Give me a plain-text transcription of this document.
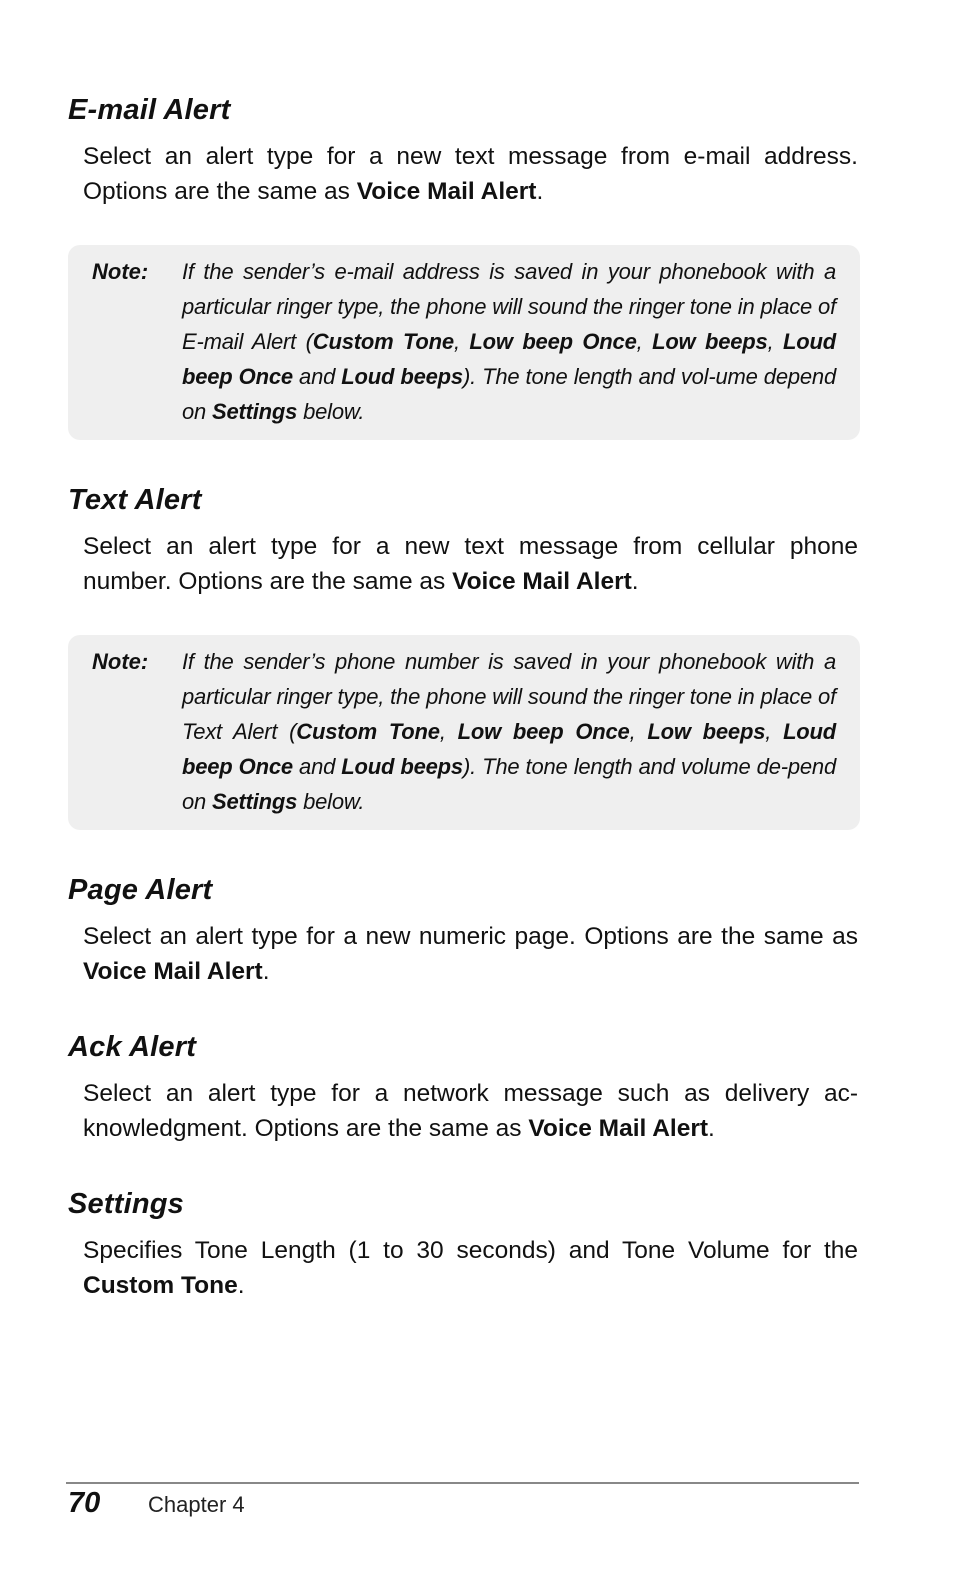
E-mail Alert

Select an alert type for a new text message from e-mail address. Options are the same as Voice Mail Alert.

Note:	If the sender’s e-mail address is saved in your phonebook with a particular ringer type, the phone will sound the ringer tone in place of E-mail Alert (Custom Tone, Low beep Once, Low beeps, Loud beep Once and Loud beeps). The tone length and vol-ume depend on Settings below.
Text Alert

Select an alert type for a new text message from cellular phone number. Options are the same as Voice Mail Alert.

Note:	If the sender’s phone number is saved in your phonebook with a particular ringer type, the phone will sound the ringer tone in place of Text Alert (Custom Tone, Low beep Once, Low beeps, Loud beep Once and Loud beeps). The tone length and volume de-pend on Settings below.
Page Alert

Select an alert type for a new numeric page. Options are the same as Voice Mail Alert.

Ack Alert

Select an alert type for a network message such as delivery ac-knowledgment. Options are the same as Voice Mail Alert.

Settings

Specifies Tone Length (1 to 30 seconds) and Tone Volume for the Custom Tone.

70	Chapter 4
